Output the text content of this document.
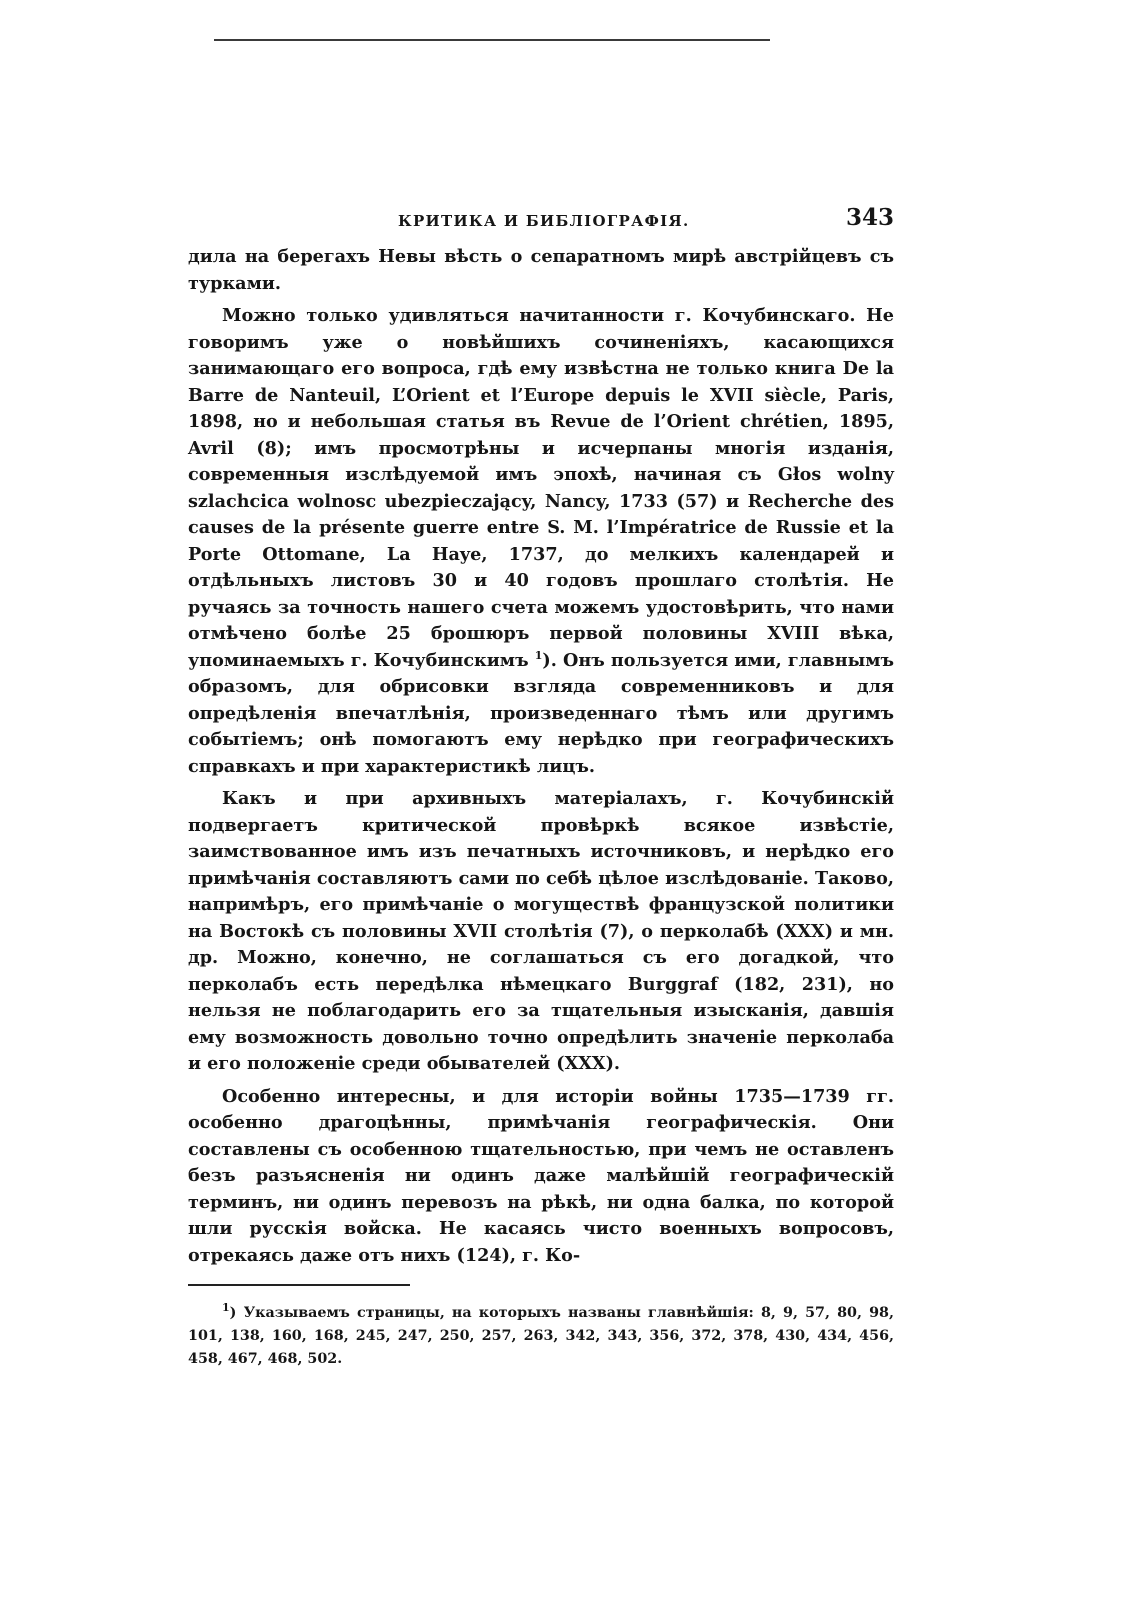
КРИТИКА И БИБЛІОГРАФІЯ.	343

дила на берегахъ Невы вѣсть о сепаратномъ мирѣ австрійцевъ съ турками.

Можно только удивляться начитанности г. Кочубинскаго. Не говоримъ уже о новѣйшихъ сочиненіяхъ, касающихся занимающаго его вопроса, гдѣ ему извѣстна не только книга De la Barre de Nanteuil, L’Orient et l’Europe depuis le XVII siècle, Paris, 1898, но и небольшая статья въ Revue de l’Orient chrétien, 1895, Avril (8); имъ просмотрѣны и исчерпаны многія изданія, современныя изслѣдуемой имъ эпохѣ, начиная съ Głos wolny szlachcica wolnosc ubezpieczający, Nancy, 1733 (57) и Recherche des causes de la présente guerre entre S. M. l’Impératrice de Russie et la Porte Ottomane, La Haye, 1737, до мелкихъ календарей и отдѣльныхъ листовъ 30 и 40 годовъ прошлаго столѣтія. Не ручаясь за точность нашего счета можемъ удостовѣрить, что нами отмѣчено болѣе 25 брошюръ первой половины XVIII вѣка, упоминаемыхъ г. Кочубинскимъ $^1$). Онъ пользуется ими, главнымъ образомъ, для обрисовки взгляда современниковъ и для опредѣленія впечатлѣнія, произведеннаго тѣмъ или другимъ событіемъ; онѣ помогаютъ ему нерѣдко при географическихъ справкахъ и при характеристикѣ лицъ.

Какъ и при архивныхъ матеріалахъ, г. Кочубинскій подвергаетъ критической провѣркѣ всякое извѣстіе, заимствованное имъ изъ печатныхъ источниковъ, и нерѣдко его примѣчанія составляютъ сами по себѣ цѣлое изслѣдованіе. Таково, напримѣръ, его примѣчаніе о могуществѣ французской политики на Востокѣ съ половины XVII столѣтія (7), о перколабѣ (XXX) и мн. др. Можно, конечно, не соглашаться съ его догадкой, что перколабъ есть передѣлка нѣмецкаго Burggraf (182, 231), но нельзя не поблагодарить его за тщательныя изысканія, давшія ему возможность довольно точно опредѣлить значеніе перколаба и его положеніе среди обывателей (XXX).

Особенно интересны, и для исторіи войны 1735—1739 гг. особенно драгоцѣнны, примѣчанія географическія. Они составлены съ особенною тщательностью, при чемъ не оставленъ безъ разъясненія ни одинъ даже малѣйшій географическій терминъ, ни одинъ перевозъ на рѣкѣ, ни одна балка, по которой шли русскія войска. Не касаясь чисто военныхъ вопросовъ, отрекаясь даже отъ нихъ (124), г. Ко-

$^1$) Указываемъ страницы, на которыхъ названы главнѣйшія: 8, 9, 57, 80, 98, 101, 138, 160, 168, 245, 247, 250, 257, 263, 342, 343, 356, 372, 378, 430, 434, 456, 458, 467, 468, 502.
